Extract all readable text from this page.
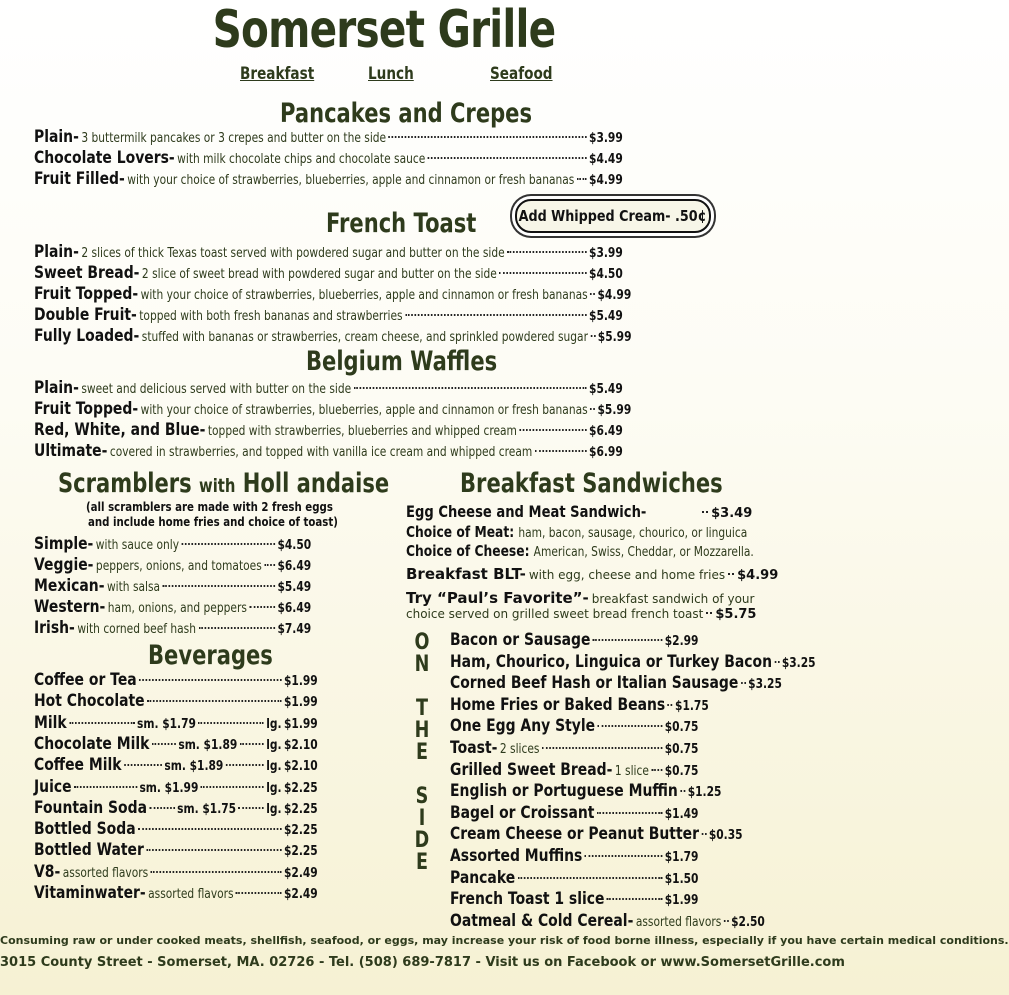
Somerset Grille
Breakfast	Lunch	Seafood
Pancakes and Crepes
Plain- 3 buttermilk pancakes or 3 crepes and butter on the side	$3.99
Chocolate Lovers- with milk chocolate chips and chocolate sauce	$4.49
Fruit Filled- with your choice of strawberries, blueberries, apple and cinnamon or fresh bananas $4.99
Add Whipped Cream- .50¢
French Toast
Plain- 2 slices of thick Texas toast served with powdered sugar and butter on the side	$3.99
Sweet Bread- 2 slice of sweet bread with powdered sugar and butter on the side	$4.50
Fruit Topped- with your choice of strawberries, blueberries, apple and cinnamon or fresh bananas $4.99
Double Fruit- topped with both fresh bananas and strawberries	$5.49
Fully Loaded- stuffed with bananas or strawberries, cream cheese, and sprinkled powdered sugar $5.99
Belgium Waffles
Plain- sweet and delicious served with butter on the side	$5.49
Fruit Topped- with your choice of strawberries, blueberries, apple and cinnamon or fresh bananas $5.99
Red, White, and Blue- topped with strawberries, blueberries and whipped cream	$6.49
Ultimate- covered in strawberries, and topped with vanilla ice cream and whipped cream	$6.99
Scramblers with Holl andaise
(all scramblers are made with 2 fresh eggs
and include home fries and choice of toast)
Simple- with sauce only	$4.50
Veggie- peppers, onions, and tomatoes $6.49
Mexican- with salsa	$5.49
Western- ham, onions, and peppers $6.49
Irish- with corned beef hash	$7.49
Beverages
Coffee or Tea	$1.99
Hot Chocolate	$1.99
Milk	sm. $1.79	lg. $1.99
Chocolate Milk sm. $1.89 lg. $2.10
Coffee Milk	sm. $1.89	lg. $2.10
Juice	sm. $1.99	lg. $2.25
Fountain Soda sm. $1.75 lg. $2.25
Bottled Soda	$2.25
Bottled Water	$2.25
V8- assorted flavors	$2.49
Vitaminwater- assorted flavors	$2.49
Breakfast Sandwiches
Egg Cheese and Meat Sandwich-	$3.49
Choice of Meat: ham, bacon, sausage, chourico, or linguica
Choice of Cheese: American, Swiss, Cheddar, or Mozzarella.
Breakfast BLT- with egg, cheese and home fries $4.99
Try “Paul’s Favorite”- breakfast sandwich of your
choice served on grilled sweet bread french toast $5.75
O
N
T
H
E
S
I
D
E
Bacon or Sausage	$2.99
Ham, Chourico, Linguica or Turkey Bacon $3.25
Corned Beef Hash or Italian Sausage $3.25
Home Fries or Baked Beans $1.75
One Egg Any Style	$0.75
Toast- 2 slices	$0.75
Grilled Sweet Bread- 1 slice $0.75
English or Portuguese Muffin $1.25
Bagel or Croissant	$1.49
Cream Cheese or Peanut Butter $0.35
Assorted Muffins	$1.79
Pancake	$1.50
French Toast 1 slice	$1.99
Oatmeal & Cold Cereal- assorted flavors $2.50
Consuming raw or under cooked meats, shellfish, seafood, or eggs, may increase your risk of food borne illness, especially if you have certain medical conditions.
3015 County Street - Somerset, MA. 02726 - Tel. (508) 689-7817 - Visit us on Facebook or www.SomersetGrille.com
